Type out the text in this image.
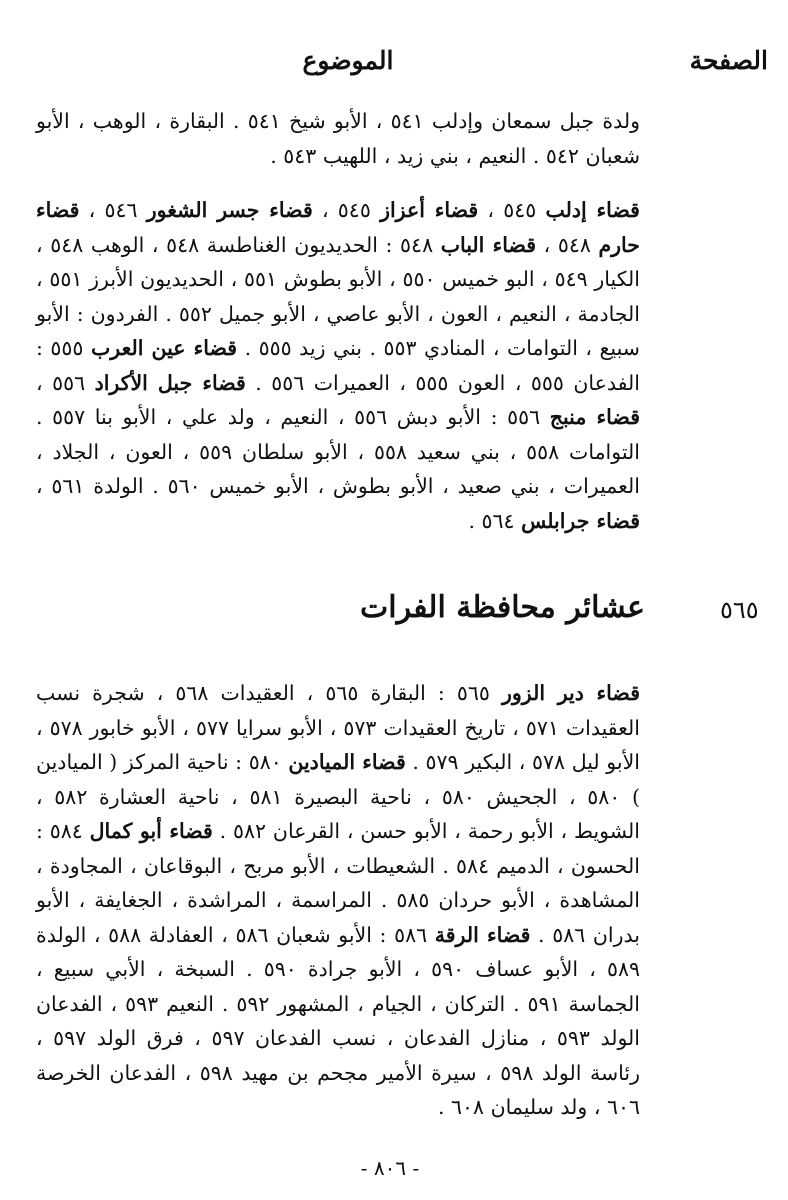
الصفحة
الموضوع
ولدة جبل سمعان وإدلب ٥٤١ ، الأبو شيخ ٥٤١ . البقارة ، الوهب ، الأبو شعبان ٥٤٢ . النعيم ، بني زيد ، اللهيب ٥٤٣ .
قضاء إدلب ٥٤٥ ، قضاء أعزاز ٥٤٥ ، قضاء جسر الشغور ٥٤٦ ، قضاء حارم ٥٤٨ ، قضاء الباب ٥٤٨ : الحديديون الغناطسة ٥٤٨ ، الوهب ٥٤٨ ، الكيار ٥٤٩ ، البو خميس ٥٥٠ ، الأبو بطوش ٥٥١ ، الحديديون الأبرز ٥٥١ ، الجادمة ، النعيم ، العون ، الأبو عاصي ، الأبو جميل ٥٥٢ . الفردون : الأبو سبيع ، التوامات ، المنادي ٥٥٣ . بني زيد ٥٥٥ . قضاء عين العرب ٥٥٥ : الفدعان ٥٥٥ ، العون ٥٥٥ ، العميرات ٥٥٦ . قضاء جبل الأكراد ٥٥٦ ، قضاء منبج ٥٥٦ : الأبو دبش ٥٥٦ ، النعيم ، ولد علي ، الأبو بنا ٥٥٧ . التوامات ٥٥٨ ، بني سعيد ٥٥٨ ، الأبو سلطان ٥٥٩ ، العون ، الجلاد ، العميرات ، بني صعيد ، الأبو بطوش ، الأبو خميس ٥٦٠ . الولدة ٥٦١ ، قضاء جرابلس ٥٦٤ .
٥٦٥
عشائر محافظة الفرات
قضاء دير الزور ٥٦٥ : البقارة ٥٦٥ ، العقيدات ٥٦٨ ، شجرة نسب العقيدات ٥٧١ ، تاريخ العقيدات ٥٧٣ ، الأبو سرايا ٥٧٧ ، الأبو خابور ٥٧٨ ، الأبو ليل ٥٧٨ ، البكير ٥٧٩ . قضاء الميادين ٥٨٠ : ناحية المركز ( الميادين ) ٥٨٠ ، الجحيش ٥٨٠ ، ناحية البصيرة ٥٨١ ، ناحية العشارة ٥٨٢ ، الشويط ، الأبو رحمة ، الأبو حسن ، القرعان ٥٨٢ . قضاء أبو كمال ٥٨٤ : الحسون ، الدميم ٥٨٤ . الشعيطات ، الأبو مربح ، البوقاعان ، المجاودة ، المشاهدة ، الأبو حردان ٥٨٥ . المراسمة ، المراشدة ، الجغايفة ، الأبو بدران ٥٨٦ . قضاء الرقة ٥٨٦ : الأبو شعبان ٥٨٦ ، العفادلة ٥٨٨ ، الولدة ٥٨٩ ، الأبو عساف ٥٩٠ ، الأبو جرادة ٥٩٠ . السبخة ، الأبي سبيع ، الجماسة ٥٩١ . التركان ، الجيام ، المشهور ٥٩٢ . النعيم ٥٩٣ ، الفدعان الولد ٥٩٣ ، منازل الفدعان ، نسب الفدعان ٥٩٧ ، فرق الولد ٥٩٧ ، رئاسة الولد ٥٩٨ ، سيرة الأمير مجحم بن مهيد ٥٩٨ ، الفدعان الخرصة ٦٠٦ ، ولد سليمان ٦٠٨ .
- ٨٠٦ -
